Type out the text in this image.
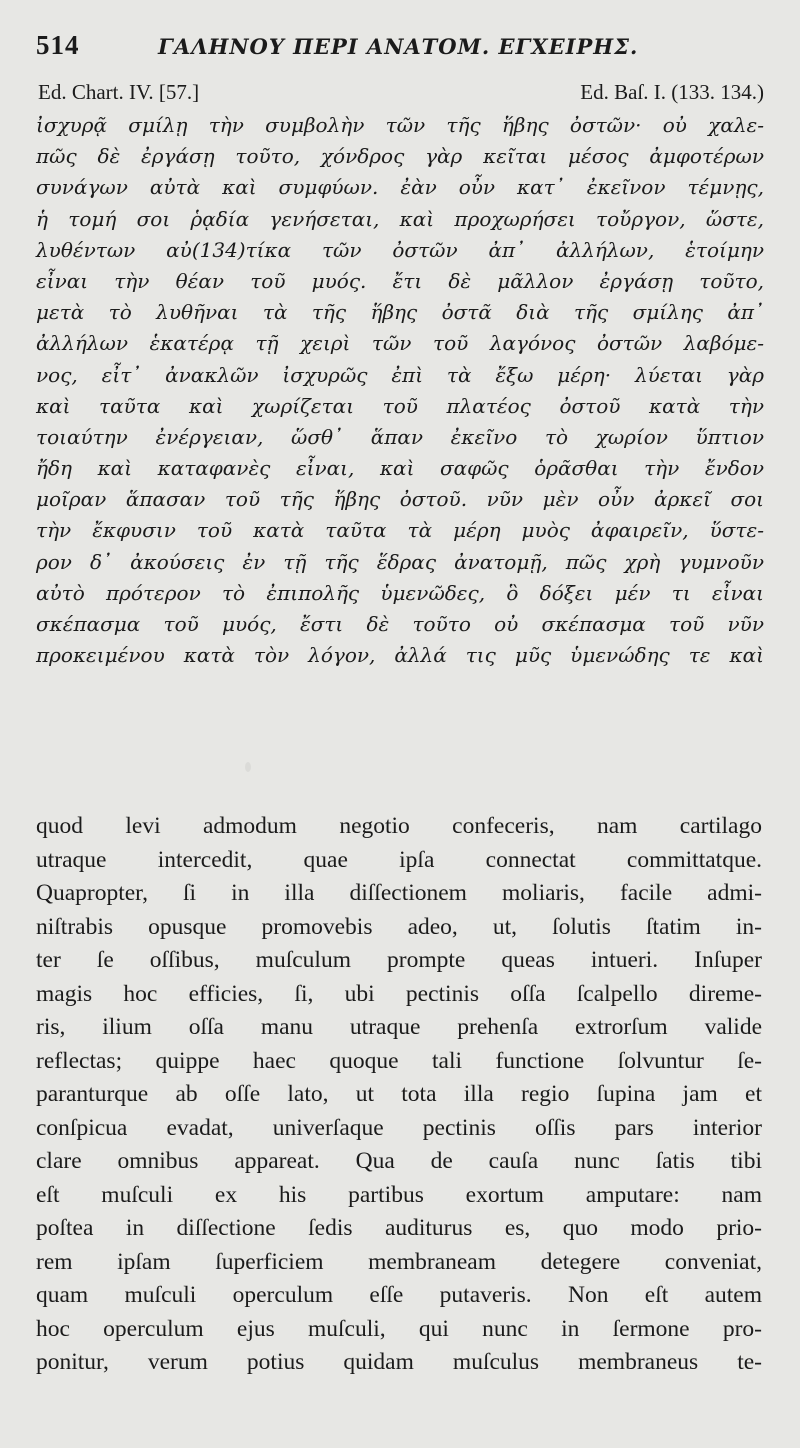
514	ΓΑΛΗΝΟΥ ΠΕΡΙ ΑΝΑΤΟΜ. ΕΓΧΕΙΡΗΣ.
Ed. Chart. IV. [57.]	Ed. Baſ. I. (133. 134.)
ἰσχυρᾷ σμίλῃ τὴν συμβολὴν τῶν τῆς ἥβης ὀστῶν· οὐ χαλε-
πῶς δὲ ἐργάσῃ τοῦτο, χόνδρος γὰρ κεῖται μέσος ἀμφοτέρων
συνάγων αὐτὰ καὶ συμφύων. ἐὰν οὖν κατ᾽ ἐκεῖνον τέμνῃς,
ἡ τομή σοι ῥᾳδία γενήσεται, καὶ προχωρήσει τοὔργον, ὥστε,
λυθέντων αὐ(134)τίκα τῶν ὀστῶν ἀπ᾽ ἀλλήλων, ἑτοίμην
εἶναι τὴν θέαν τοῦ μυός. ἔτι δὲ μᾶλλον ἐργάσῃ τοῦτο,
μετὰ τὸ λυθῆναι τὰ τῆς ἥβης ὀστᾶ διὰ τῆς σμίλης ἀπ᾽
ἀλλήλων ἑκατέρᾳ τῇ χειρὶ τῶν τοῦ λαγόνος ὀστῶν λαβόμε-
νος, εἶτ᾽ ἀνακλῶν ἰσχυρῶς ἐπὶ τὰ ἔξω μέρη· λύεται γὰρ
καὶ ταῦτα καὶ χωρίζεται τοῦ πλατέος ὀστοῦ κατὰ τὴν
τοιαύτην ἐνέργειαν, ὥσθ᾽ ἅπαν ἐκεῖνο τὸ χωρίον ὕπτιον
ἤδη καὶ καταφανὲς εἶναι, καὶ σαφῶς ὁρᾶσθαι τὴν ἔνδον
μοῖραν ἅπασαν τοῦ τῆς ἥβης ὀστοῦ. νῦν μὲν οὖν ἀρκεῖ σοι
τὴν ἔκφυσιν τοῦ κατὰ ταῦτα τὰ μέρη μυὸς ἀφαιρεῖν, ὕστε-
ρον δ᾽ ἀκούσεις ἐν τῇ τῆς ἕδρας ἀνατομῇ, πῶς χρὴ γυμνοῦν
αὐτὸ πρότερον τὸ ἐπιπολῆς ὑμενῶδες, ὃ δόξει μέν τι εἶναι
σκέπασμα τοῦ μυός, ἔστι δὲ τοῦτο οὐ σκέπασμα τοῦ νῦν
προκειμένου κατὰ τὸν λόγον, ἀλλά τις μῦς ὑμενώδης τε καὶ
quod levi admodum negotio confeceris, nam cartilago
utraque intercedit, quae ipſa connectat committatque.
Quapropter, ſi in illa diſſectionem moliaris, facile admi-
niſtrabis opusque promovebis adeo, ut, ſolutis ſtatim in-
ter ſe oſſibus, muſculum prompte queas intueri. Inſuper
magis hoc efficies, ſi, ubi pectinis oſſa ſcalpello direme-
ris, ilium oſſa manu utraque prehenſa extrorſum valide
reflectas; quippe haec quoque tali functione ſolvuntur ſe-
paranturque ab oſſe lato, ut tota illa regio ſupina jam et
conſpicua evadat, univerſaque pectinis oſſis pars interior
clare omnibus appareat. Qua de cauſa nunc ſatis tibi
eſt muſculi ex his partibus exortum amputare: nam
poſtea in diſſectione ſedis auditurus es, quo modo prio-
rem ipſam ſuperficiem membraneam detegere conveniat,
quam muſculi operculum eſſe putaveris. Non eſt autem
hoc operculum ejus muſculi, qui nunc in ſermone pro-
ponitur, verum potius quidam muſculus membraneus te-
